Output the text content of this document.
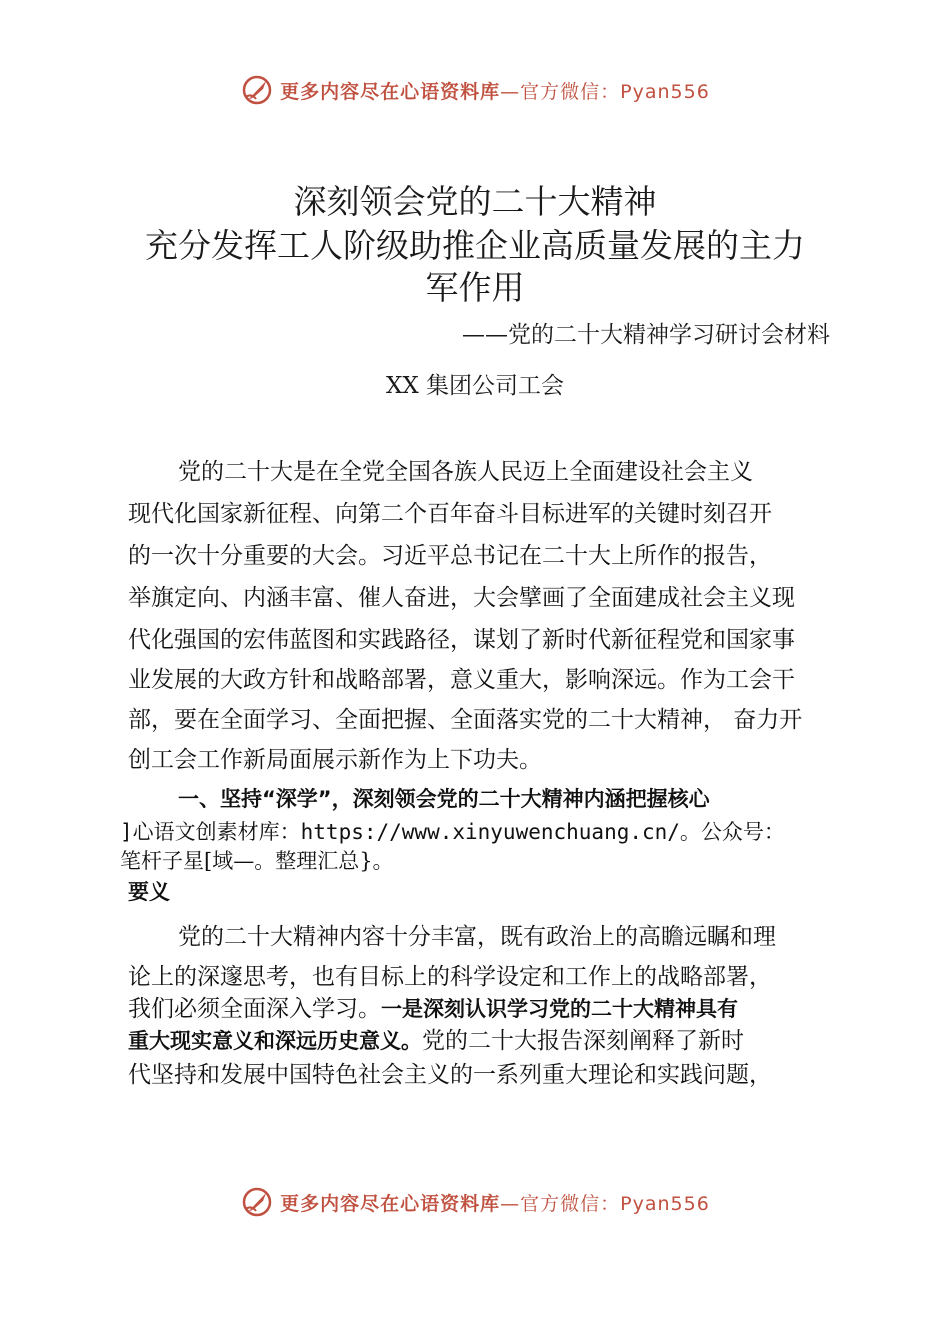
更多内容尽在心语资料库 —官方微信：Pyan556
深刻领会党的二十大精神
充分发挥工人阶级助推企业高质量发展的主力
军作用
——党的二十大精神学习研讨会材料
XX 集团公司工会
党的二十大是在全党全国各族人民迈上全面建设社会主义
现代化国家新征程、向第二个百年奋斗目标进军的关键时刻召开
的一次十分重要的大会。习近平总书记在二十大上所作的报告，
举旗定向、内涵丰富、催人奋进，大会擘画了全面建成社会主义现
代化强国的宏伟蓝图和实践路径，谋划了新时代新征程党和国家事
业发展的大政方针和战略部署，意义重大，影响深远。作为工会干
部，要在全面学习、全面把握、全面落实党的二十大精神， 奋力开
创工会工作新局面展示新作为上下功夫。
一、坚持“深学”，深刻领会党的二十大精神内涵把握核心
]心语文创素材库：https://www.xinyuwenchuang.cn/。公众号：
笔杆子星[域—。整理汇总}。
要义
党的二十大精神内容十分丰富，既有政治上的高瞻远瞩和理
论上的深邃思考，也有目标上的科学设定和工作上的战略部署，
我们必须全面深入学习。一是深刻认识学习党的二十大精神具有
重大现实意义和深远历史意义。党的二十大报告深刻阐释了新时
代坚持和发展中国特色社会主义的一系列重大理论和实践问题，
更多内容尽在心语资料库 —官方微信：Pyan556
